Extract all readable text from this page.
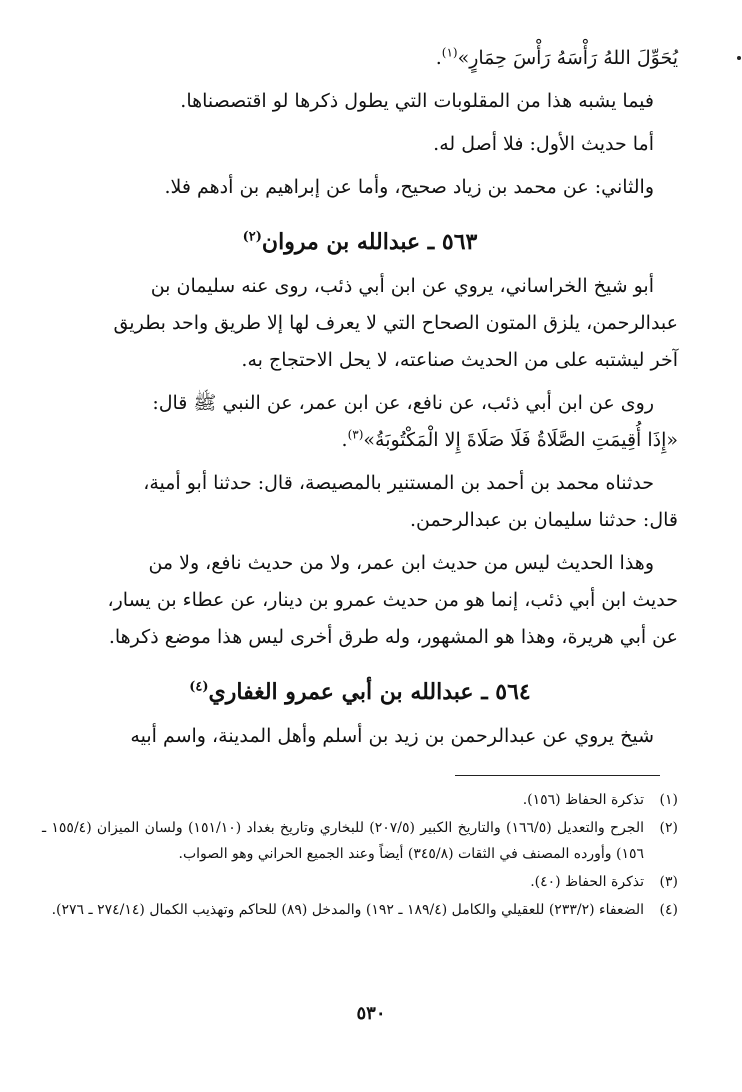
يُحَوِّلَ اللهُ رَأْسَهُ رَأْسَ حِمَارٍ»$^{(١)}$.

فيما يشبه هذا من المقلوبات التي يطول ذكرها لو اقتصصناها.

أما حديث الأول: فلا أصل له.

والثاني: عن محمد بن زياد صحيح، وأما عن إبراهيم بن أدهم فلا.

٥٦٣ ـ عبدالله بن مروان$^{(٢)}$

أبو شيخ الخراساني، يروي عن ابن أبي ذئب، روى عنه سليمان بن

عبدالرحمن، يلزق المتون الصحاح التي لا يعرف لها إلا طريق واحد بطريق

آخر ليشتبه على من الحديث صناعته، لا يحل الاحتجاج به.

روى عن ابن أبي ذئب، عن نافع، عن ابن عمر، عن النبي ﷺ قال:

«إِذَا أُقِيمَتِ الصَّلَاةُ فَلَا صَلَاةَ إِلا الْمَكْتُوبَةُ»$^{(٣)}$.

حدثناه محمد بن أحمد بن المستنير بالمصيصة، قال: حدثنا أبو أمية،

قال: حدثنا سليمان بن عبدالرحمن.

وهذا الحديث ليس من حديث ابن عمر، ولا من حديث نافع، ولا من

حديث ابن أبي ذئب، إنما هو من حديث عمرو بن دينار، عن عطاء بن يسار،

عن أبي هريرة، وهذا هو المشهور، وله طرق أخرى ليس هذا موضع ذكرها.

٥٦٤ ـ عبدالله بن أبي عمرو الغفاري$^{(٤)}$

شيخ يروي عن عبدالرحمن بن زيد بن أسلم وأهل المدينة، واسم أبيه

(١)
تذكرة الحفاظ (١٥٦).
(٢)
الجرح والتعديل (١٦٦/٥) والتاريخ الكبير (٢٠٧/٥) للبخاري وتاريخ بغداد (١٥١/١٠) ولسان الميزان (١٥٥/٤ ـ ١٥٦) وأورده المصنف في الثقات (٣٤٥/٨) أيضاً وعند الجميع الحراني وهو الصواب.
(٣)
تذكرة الحفاظ (٤٠).
(٤)
الضعفاء (٢٣٣/٢) للعقيلي والكامل (١٨٩/٤ ـ ١٩٢) والمدخل (٨٩) للحاكم وتهذيب الكمال (٢٧٤/١٤ ـ ٢٧٦).
٥٣٠
